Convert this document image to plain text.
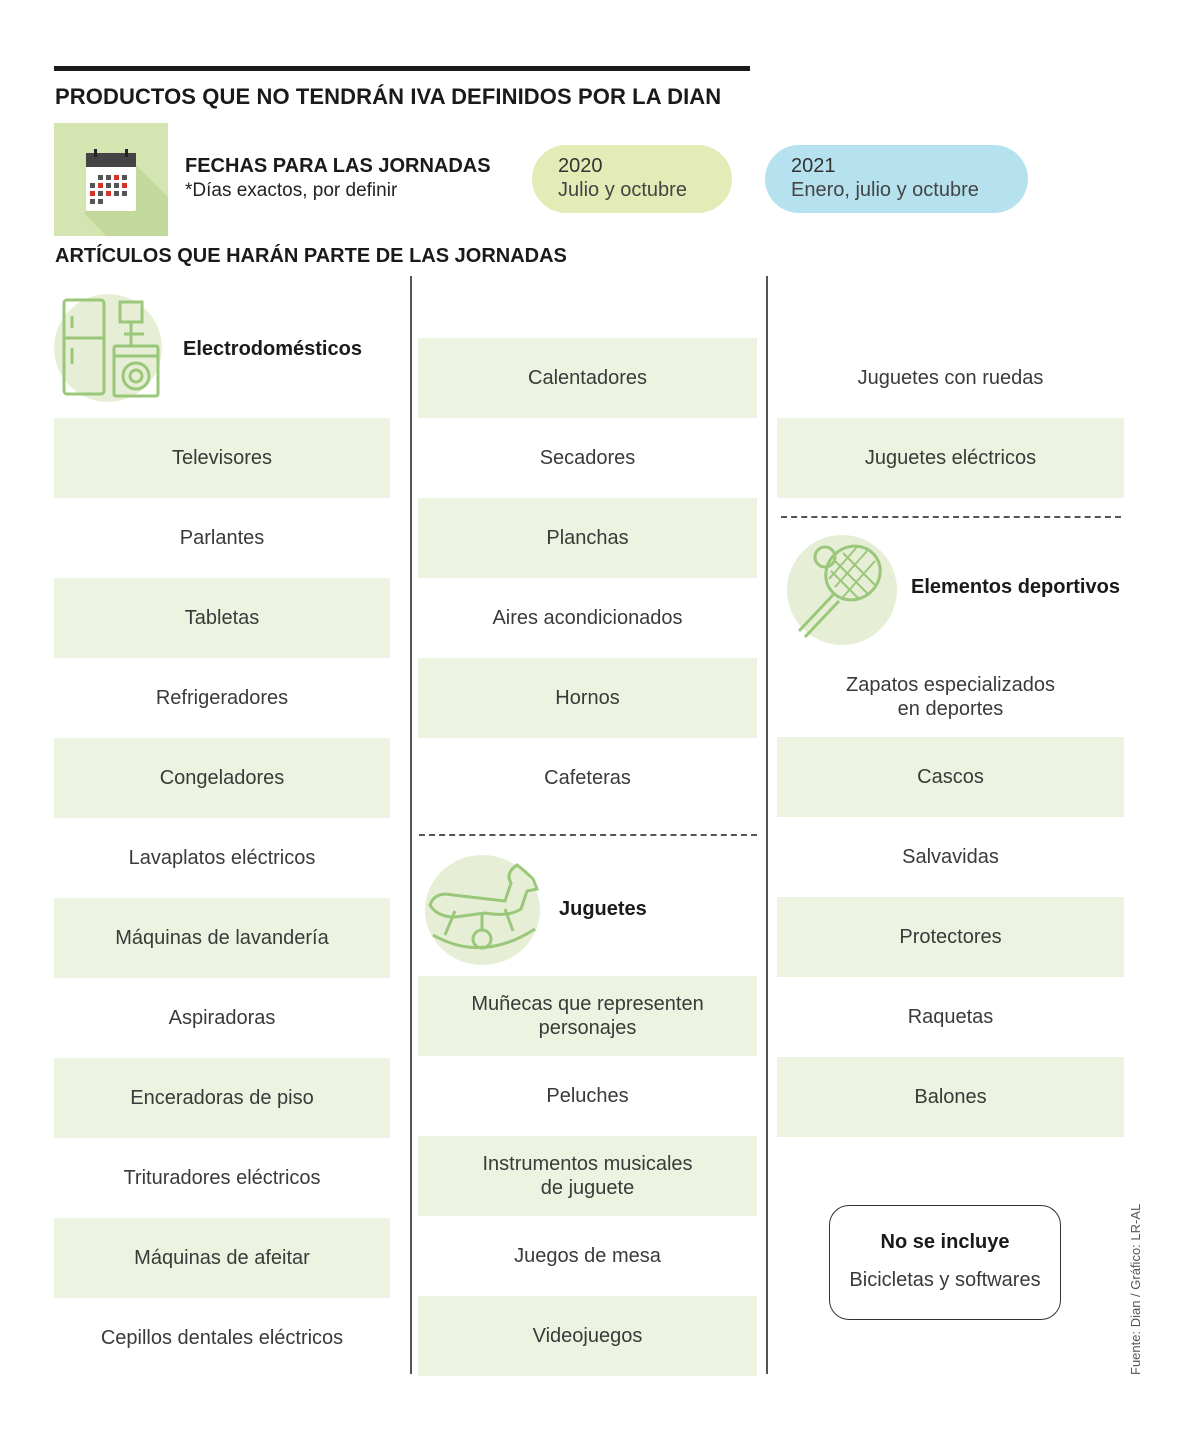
PRODUCTOS QUE NO TENDRÁN IVA DEFINIDOS POR LA DIAN
FECHAS PARA LAS JORNADAS
*Días exactos, por definir
2020
Julio y octubre
2021
Enero, julio y octubre
ARTÍCULOS QUE HARÁN PARTE DE LAS JORNADAS
Electrodomésticos
Televisores
Parlantes
Tabletas
Refrigeradores
Congeladores
Lavaplatos eléctricos
Máquinas de lavandería
Aspiradoras
Enceradoras de piso
Trituradores eléctricos
Máquinas de afeitar
Cepillos dentales eléctricos
Calentadores
Secadores
Planchas
Aires acondicionados
Hornos
Cafeteras
Juguetes
Muñecas que representen
personajes
Peluches
Instrumentos musicales
de juguete
Juegos de mesa
Videojuegos
Juguetes con ruedas
Juguetes eléctricos
Elementos deportivos
Zapatos especializados
en deportes
Cascos
Salvavidas
Protectores
Raquetas
Balones
No se incluye
Bicicletas y softwares	Fuente: Dian / Gráfico: LR-AL
